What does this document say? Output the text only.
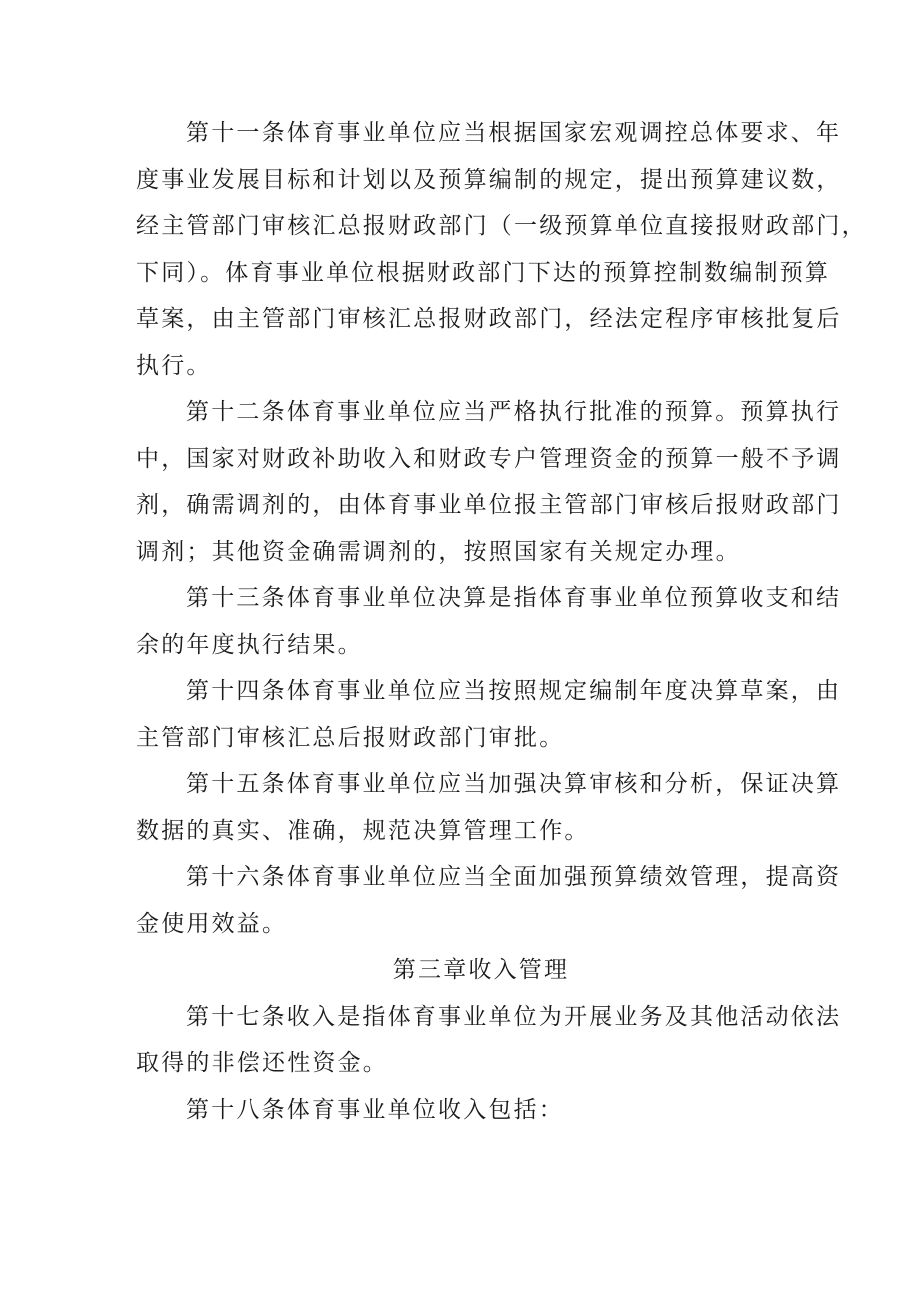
第十一条体育事业单位应当根据国家宏观调控总体要求、年
度事业发展目标和计划以及预算编制的规定，提出预算建议数，
经主管部门审核汇总报财政部门（一级预算单位直接报财政部门，
下同）。体育事业单位根据财政部门下达的预算控制数编制预算
草案，由主管部门审核汇总报财政部门，经法定程序审核批复后
执行。

第十二条体育事业单位应当严格执行批准的预算。预算执行
中，国家对财政补助收入和财政专户管理资金的预算一般不予调
剂，确需调剂的，由体育事业单位报主管部门审核后报财政部门
调剂；其他资金确需调剂的，按照国家有关规定办理。

第十三条体育事业单位决算是指体育事业单位预算收支和结
余的年度执行结果。

第十四条体育事业单位应当按照规定编制年度决算草案，由
主管部门审核汇总后报财政部门审批。

第十五条体育事业单位应当加强决算审核和分析，保证决算
数据的真实、准确，规范决算管理工作。

第十六条体育事业单位应当全面加强预算绩效管理，提高资
金使用效益。

第三章收入管理

第十七条收入是指体育事业单位为开展业务及其他活动依法
取得的非偿还性资金。

第十八条体育事业单位收入包括：
